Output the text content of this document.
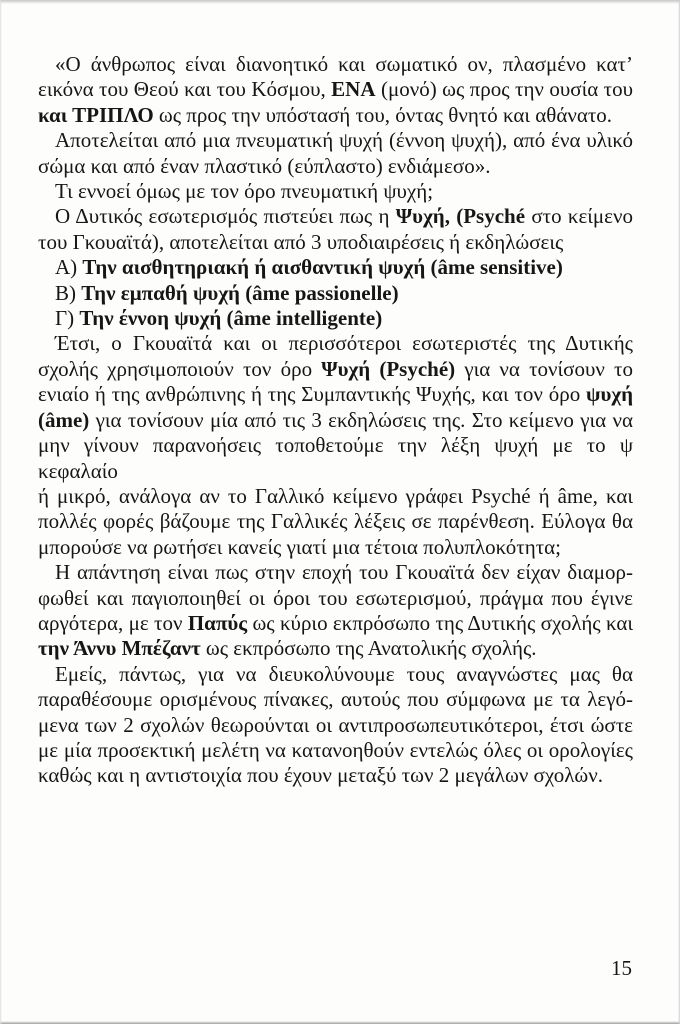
«Ο άνθρωπος είναι διανοητικό και σωματικό ον, πλασμένο κατ’
εικόνα του Θεού και του Κόσμου, ΕΝΑ (μονό) ως προς την ουσία του
και ΤΡΙΠΛΟ ως προς την υπόστασή του, όντας θνητό και αθάνατο.
Αποτελείται από μια πνευματική ψυχή (έννοη ψυχή), από ένα υλικό
σώμα και από έναν πλαστικό (εύπλαστο) ενδιάμεσο».
Τι εννοεί όμως με τον όρο πνευματική ψυχή;
Ο Δυτικός εσωτερισμός πιστεύει πως η Ψυχή, (Psyché στο κείμενο
του Γκουαϊτά), αποτελείται από 3 υποδιαιρέσεις ή εκδηλώσεις
Α) Την αισθητηριακή ή αισθαντική ψυχή (âme sensitive)
Β) Την εμπαθή ψυχή (âme passionelle)
Γ) Την έννοη ψυχή (âme intelligente)
Έτσι, ο Γκουαϊτά και οι περισσότεροι εσωτεριστές της Δυτικής
σχολής χρησιμοποιούν τον όρο Ψυχή (Psyché) για να τονίσουν το
ενιαίο ή της ανθρώπινης ή της Συμπαντικής Ψυχής, και τον όρο ψυχή
(âme) για τονίσουν μία από τις 3 εκδηλώσεις της. Στο κείμενο για να
μην γίνουν παρανοήσεις τοποθετούμε την λέξη ψυχή με το ψ κεφαλαίο
ή μικρό, ανάλογα αν το Γαλλικό κείμενο γράφει Psyché ή âme, και
πολλές φορές βάζουμε της Γαλλικές λέξεις σε παρένθεση. Εύλογα θα
μπορούσε να ρωτήσει κανείς γιατί μια τέτοια πολυπλοκότητα;
Η απάντηση είναι πως στην εποχή του Γκουαϊτά δεν είχαν διαμορ-
φωθεί και παγιοποιηθεί οι όροι του εσωτερισμού, πράγμα που έγινε
αργότερα, με τον Παπύς ως κύριο εκπρόσωπο της Δυτικής σχολής και
την Άννυ Μπέζαντ ως εκπρόσωπο της Ανατολικής σχολής.
Εμείς, πάντως, για να διευκολύνουμε τους αναγνώστες μας θα
παραθέσουμε ορισμένους πίνακες, αυτούς που σύμφωνα με τα λεγό-
μενα των 2 σχολών θεωρούνται οι αντιπροσωπευτικότεροι, έτσι ώστε
με μία προσεκτική μελέτη να κατανοηθούν εντελώς όλες οι ορολογίες
καθώς και η αντιστοιχία που έχουν μεταξύ των 2 μεγάλων σχολών.
15
